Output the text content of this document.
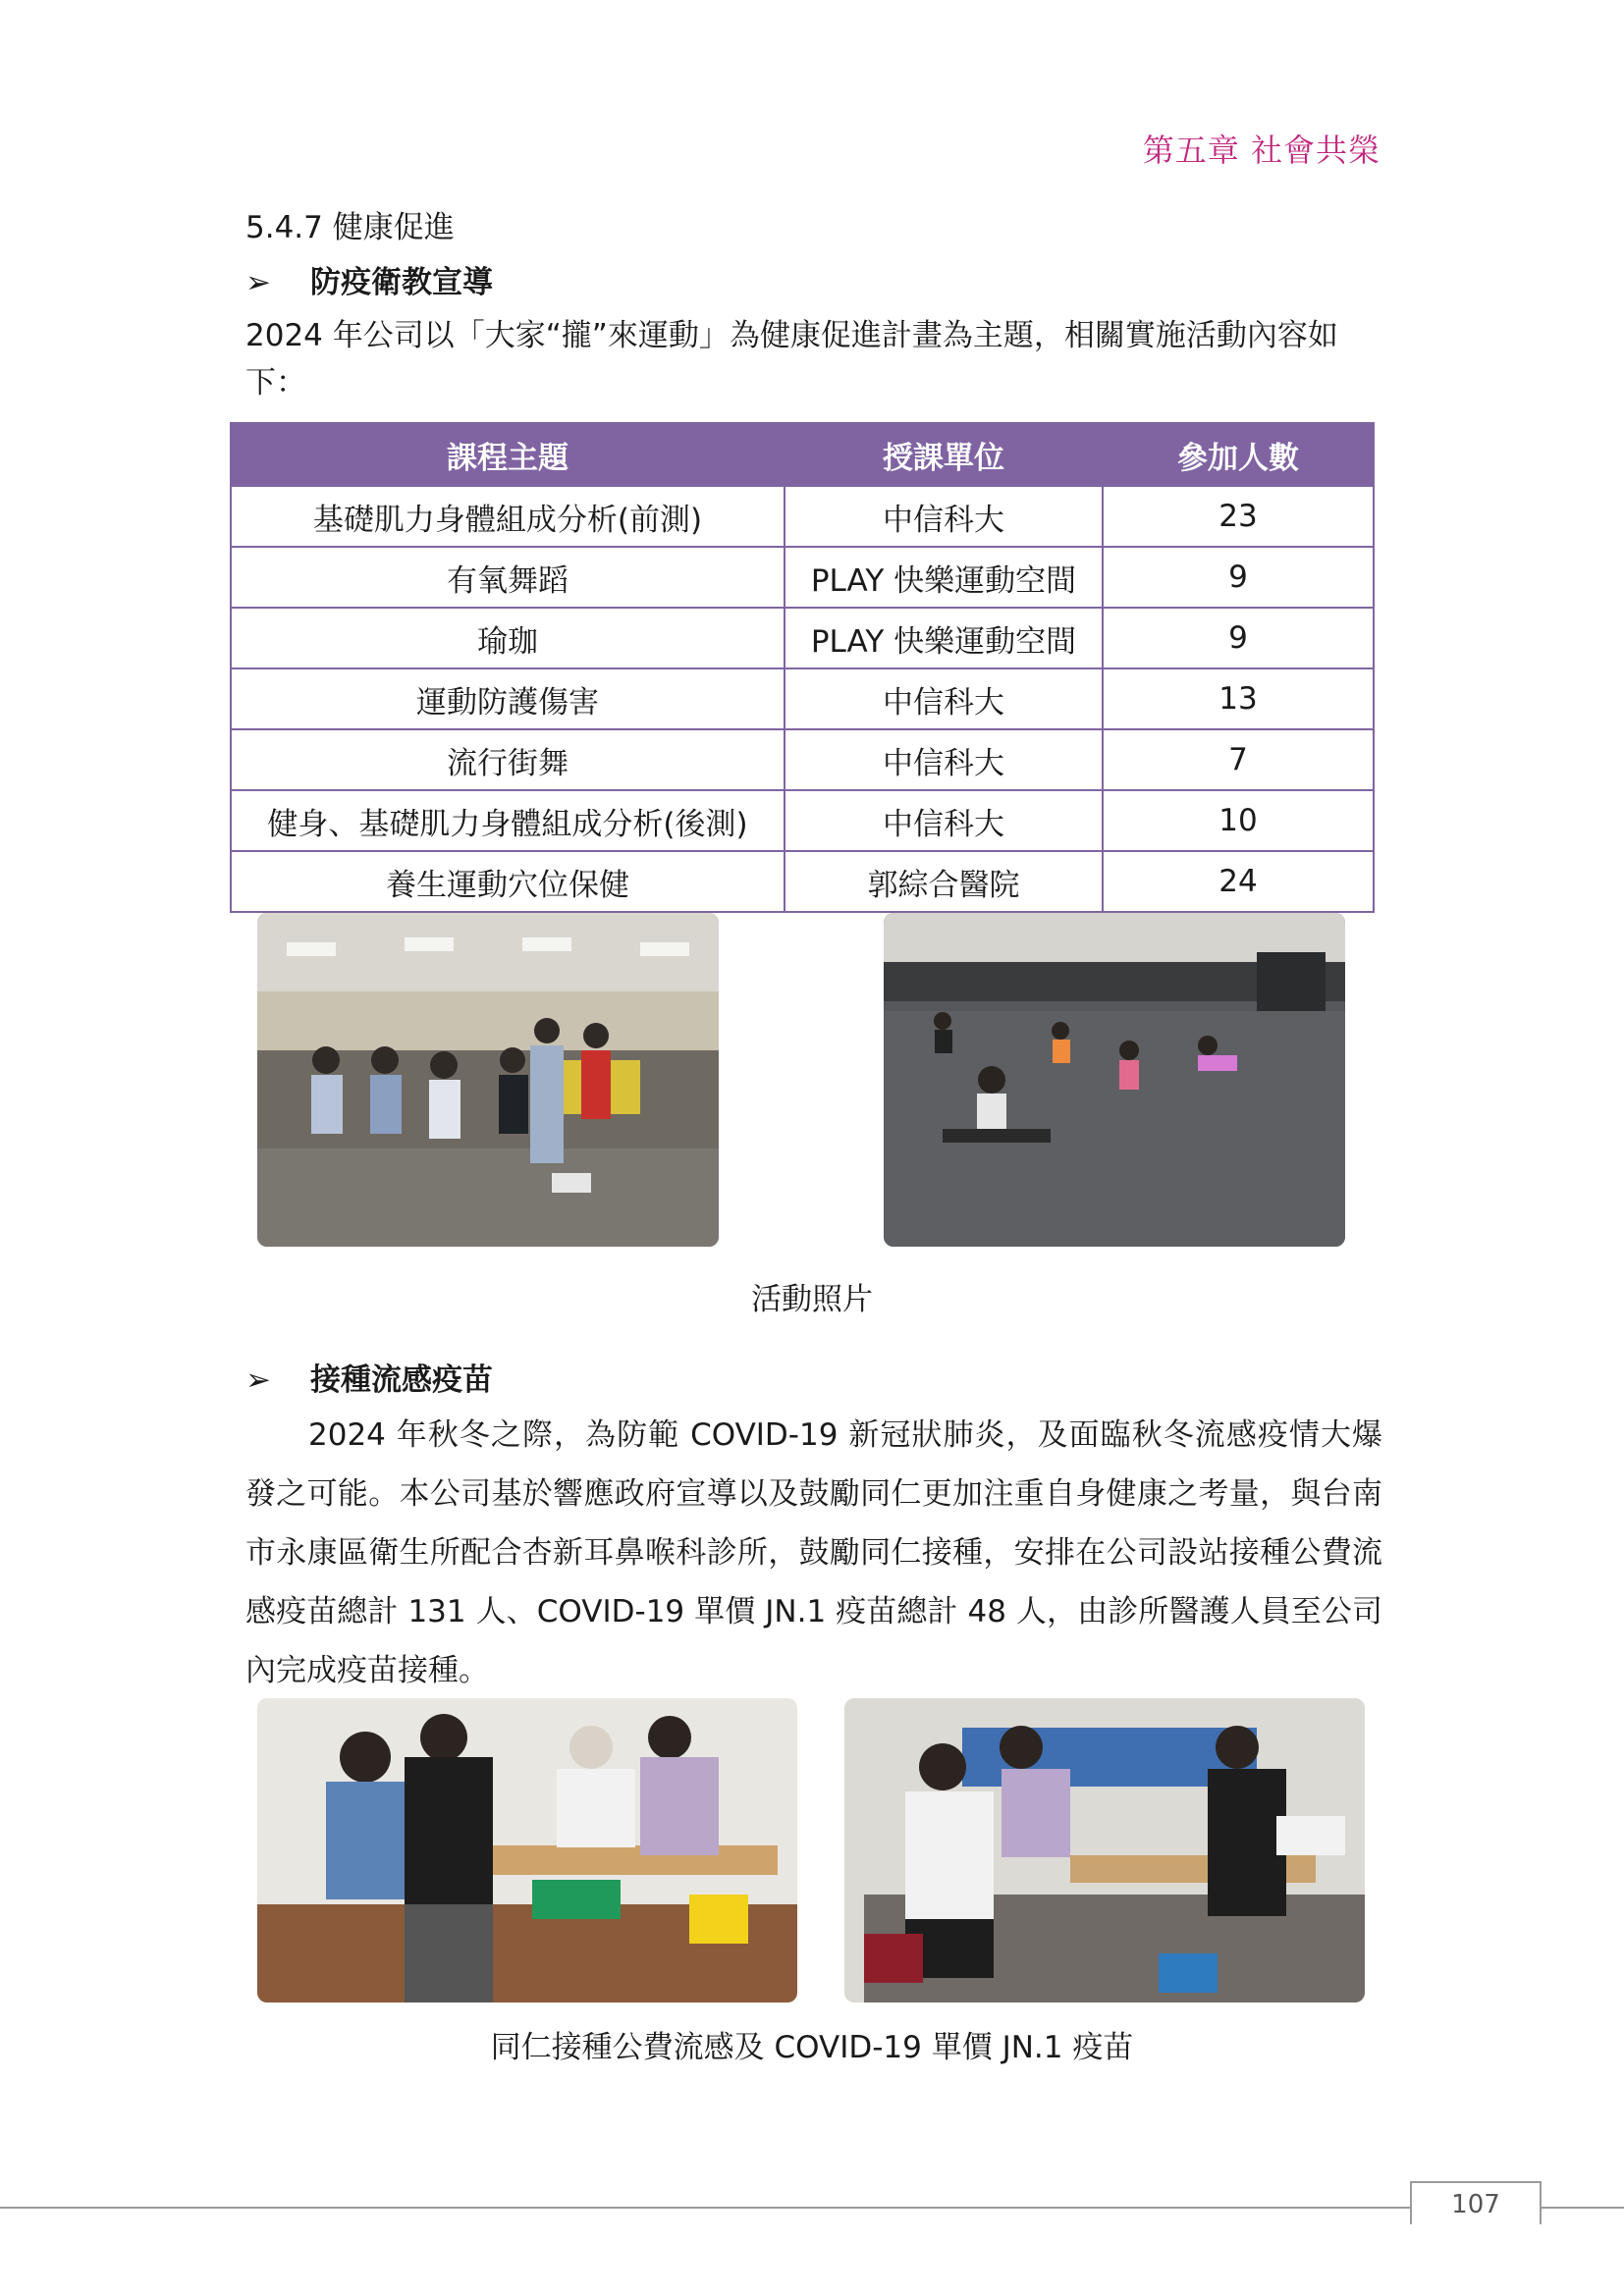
第五章 社會共榮
5.4.7 健康促進
➢ 防疫衛教宣導
2024 年公司以「大家“攏”來運動」為健康促進計畫為主題，相關實施活動內容如下：
課程主題	授課單位	參加人數
基礎肌力身體組成分析(前測)	中信科大	23
有氧舞蹈	PLAY 快樂運動空間	9
瑜珈	PLAY 快樂運動空間	9
運動防護傷害	中信科大	13
流行街舞	中信科大	7
健身、基礎肌力身體組成分析(後測)	中信科大	10
養生運動穴位保健	郭綜合醫院	24
活動照片
➢ 接種流感疫苗
2024 年秋冬之際，為防範 COVID-19 新冠狀肺炎，及面臨秋冬流感疫情大爆發之可能。本公司基於響應政府宣導以及鼓勵同仁更加注重自身健康之考量，與台南市永康區衛生所配合杏新耳鼻喉科診所，鼓勵同仁接種，安排在公司設站接種公費流感疫苗總計 131 人、COVID-19 單價 JN.1 疫苗總計 48 人，由診所醫護人員至公司內完成疫苗接種。
同仁接種公費流感及 COVID-19 單價 JN.1 疫苗
107
